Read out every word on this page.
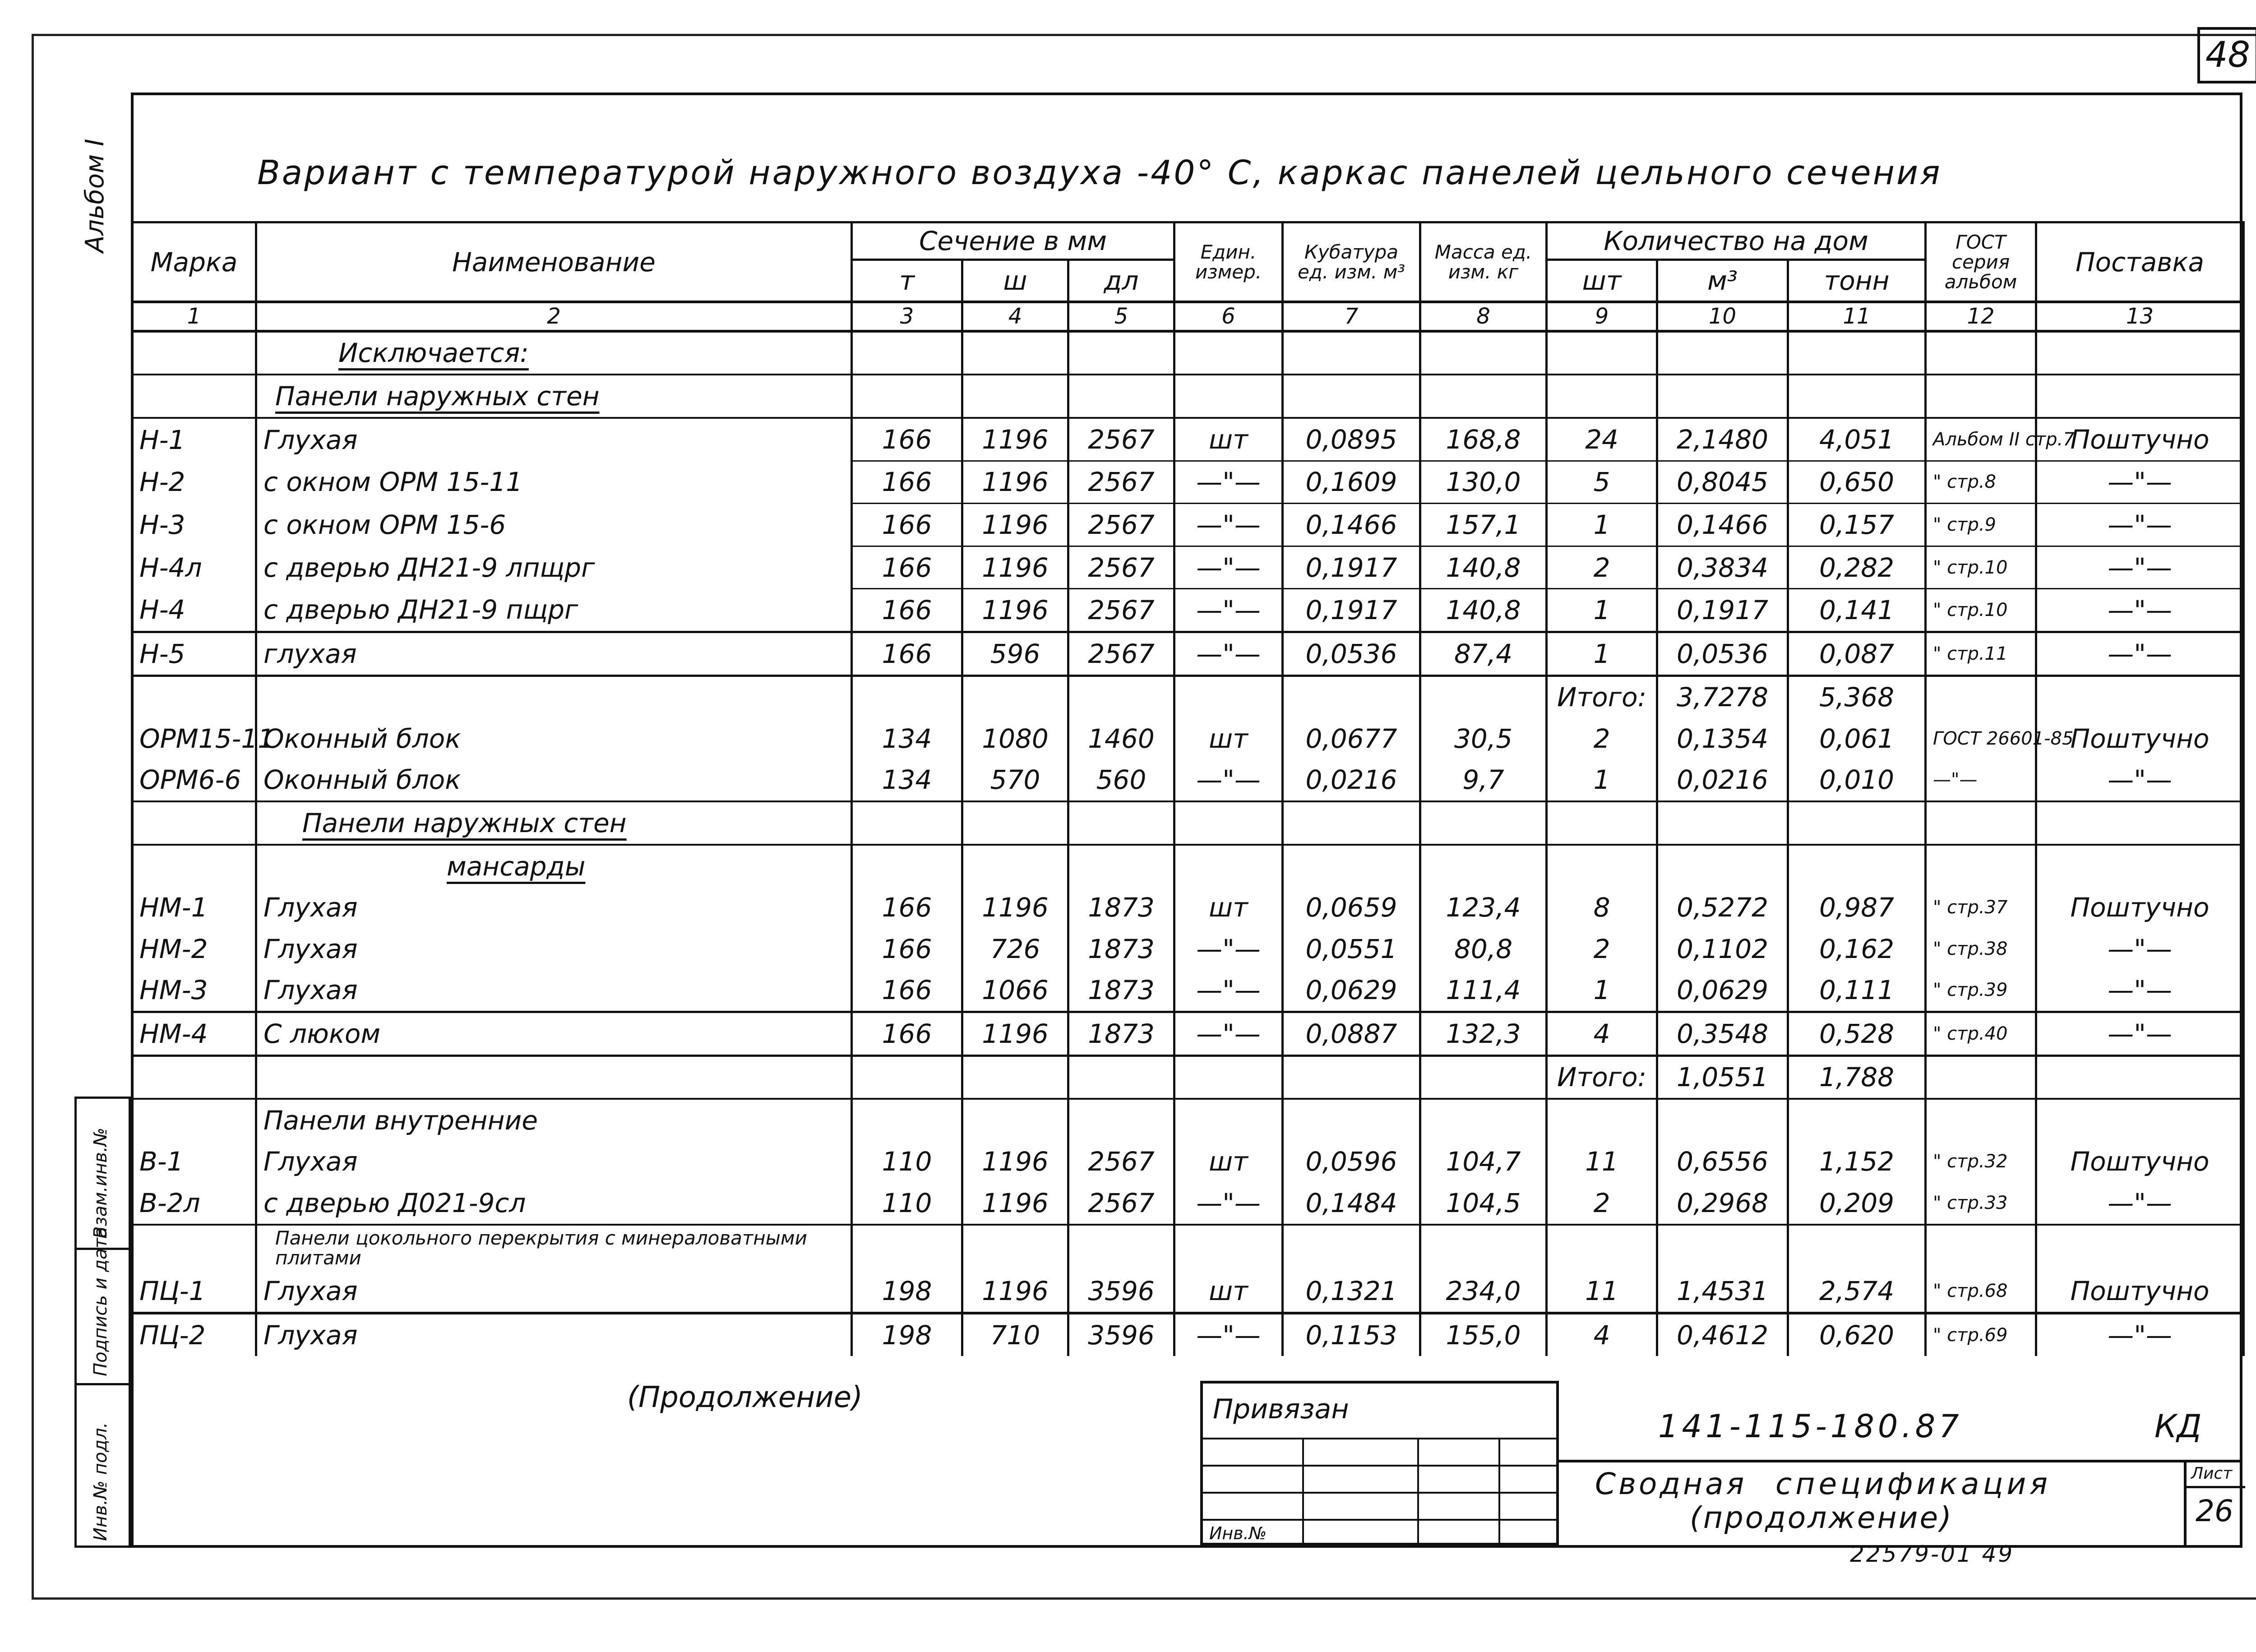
48
Альбом I
Инв.№ подл.
Подпись и дата
Взам.инв.№
Вариант с температурой наружного воздуха -40° С, каркас панелей цельного сечения
Марка	Наименование	Сечение в мм			Един. измер.	Кубатура ед. изм. м³	Масса ед. изм. кг	Количество на дом			ГОСТ серия альбом	Поставка
		т	ш	дл				шт	м³	тонн		
1	2	3	4	5	6	7	8	9	10	11	12	13
	Исключается:											
	Панели наружных стен											
Н-1	Глухая	166	1196	2567	шт	0,0895	168,8	24	2,1480	4,051	Альбом II стр.7	Поштучно
Н-2	с окном ОРМ 15-11	166	1196	2567	—"—	0,1609	130,0	5	0,8045	0,650	" стр.8	—"—
Н-3	с окном ОРМ 15-6	166	1196	2567	—"—	0,1466	157,1	1	0,1466	0,157	" стр.9	—"—
Н-4л	с дверью ДН21-9 лпщрг	166	1196	2567	—"—	0,1917	140,8	2	0,3834	0,282	" стр.10	—"—
Н-4	с дверью ДН21-9 пщрг	166	1196	2567	—"—	0,1917	140,8	1	0,1917	0,141	" стр.10	—"—
Н-5	глухая	166	596	2567	—"—	0,0536	87,4	1	0,0536	0,087	" стр.11	—"—
								Итого:	3,7278	5,368		
ОРМ15-11	Оконный блок	134	1080	1460	шт	0,0677	30,5	2	0,1354	0,061	ГОСТ 26601-85	Поштучно
ОРМ6-6	Оконный блок	134	570	560	—"—	0,0216	9,7	1	0,0216	0,010	—"—	—"—
	Панели наружных стен											
	мансарды											
НМ-1	Глухая	166	1196	1873	шт	0,0659	123,4	8	0,5272	0,987	" стр.37	Поштучно
НМ-2	Глухая	166	726	1873	—"—	0,0551	80,8	2	0,1102	0,162	" стр.38	—"—
НМ-3	Глухая	166	1066	1873	—"—	0,0629	111,4	1	0,0629	0,111	" стр.39	—"—
НМ-4	С люком	166	1196	1873	—"—	0,0887	132,3	4	0,3548	0,528	" стр.40	—"—
								Итого:	1,0551	1,788		
	Панели внутренние											
В-1	Глухая	110	1196	2567	шт	0,0596	104,7	11	0,6556	1,152	" стр.32	Поштучно
В-2л	с дверью Д021-9сл	110	1196	2567	—"—	0,1484	104,5	2	0,2968	0,209	" стр.33	—"—
	Панели цокольного перекрытия с минераловатными плитами											
ПЦ-1	Глухая	198	1196	3596	шт	0,1321	234,0	11	1,4531	2,574	" стр.68	Поштучно
ПЦ-2	Глухая	198	710	3596	—"—	0,1153	155,0	4	0,4612	0,620	" стр.69	—"—
(Продолжение)	Привязан
Инв.№
141-115-180.87	КД
Сводная спецификация
(продолжение)
Лист
26
22579-01 49
